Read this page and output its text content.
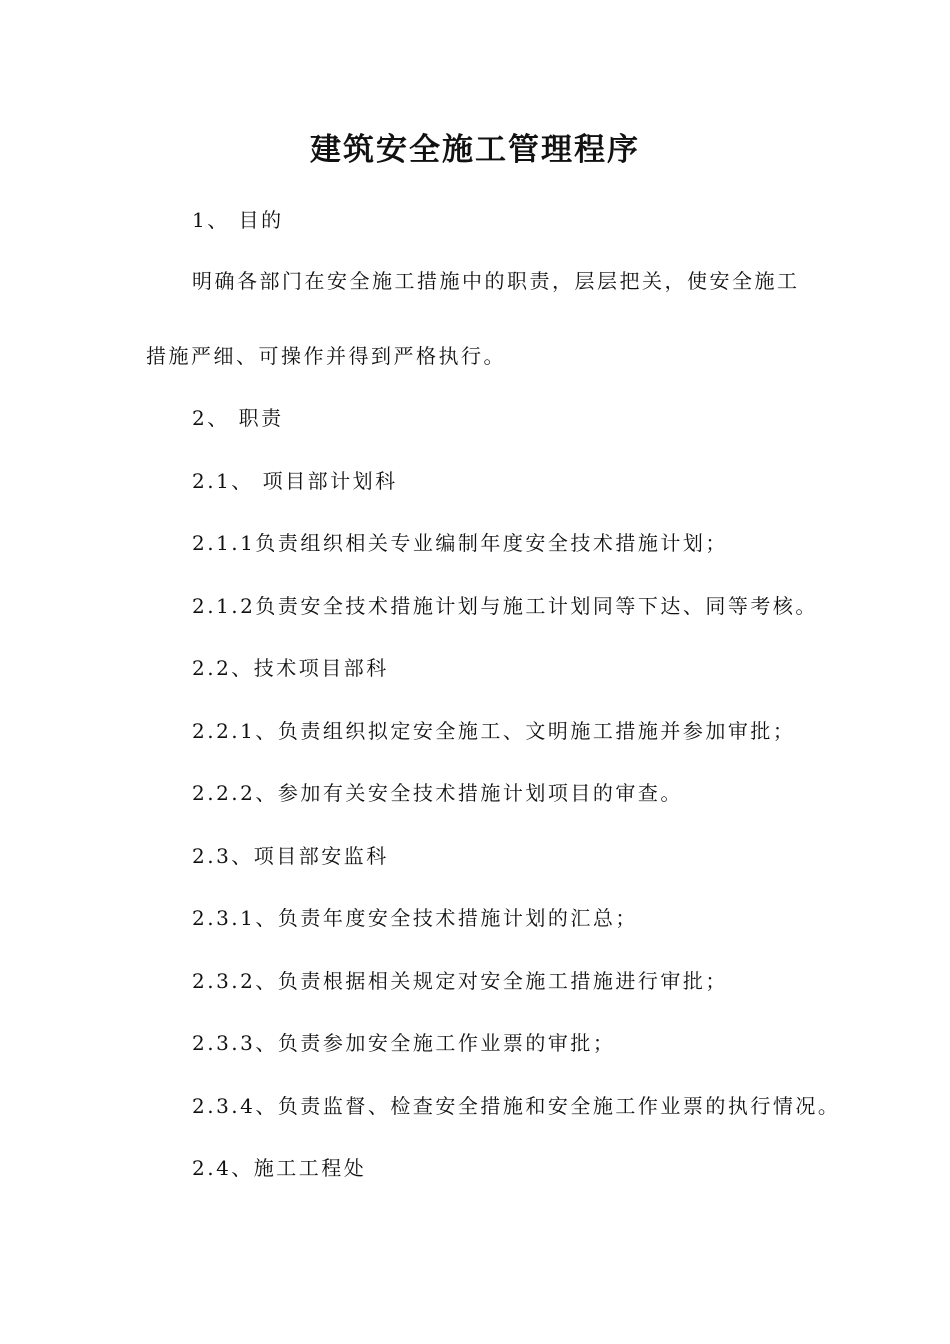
建筑安全施工管理程序
1、 目的
明确各部门在安全施工措施中的职责，层层把关，使安全施工
措施严细、可操作并得到严格执行。
2、 职责
2.1、 项目部计划科
2.1.1负责组织相关专业编制年度安全技术措施计划；
2.1.2负责安全技术措施计划与施工计划同等下达、同等考核。
2.2、技术项目部科
2.2.1、负责组织拟定安全施工、文明施工措施并参加审批；
2.2.2、参加有关安全技术措施计划项目的审查。
2.3、项目部安监科
2.3.1、负责年度安全技术措施计划的汇总；
2.3.2、负责根据相关规定对安全施工措施进行审批；
2.3.3、负责参加安全施工作业票的审批；
2.3.4、负责监督、检查安全措施和安全施工作业票的执行情况。
2.4、施工工程处
